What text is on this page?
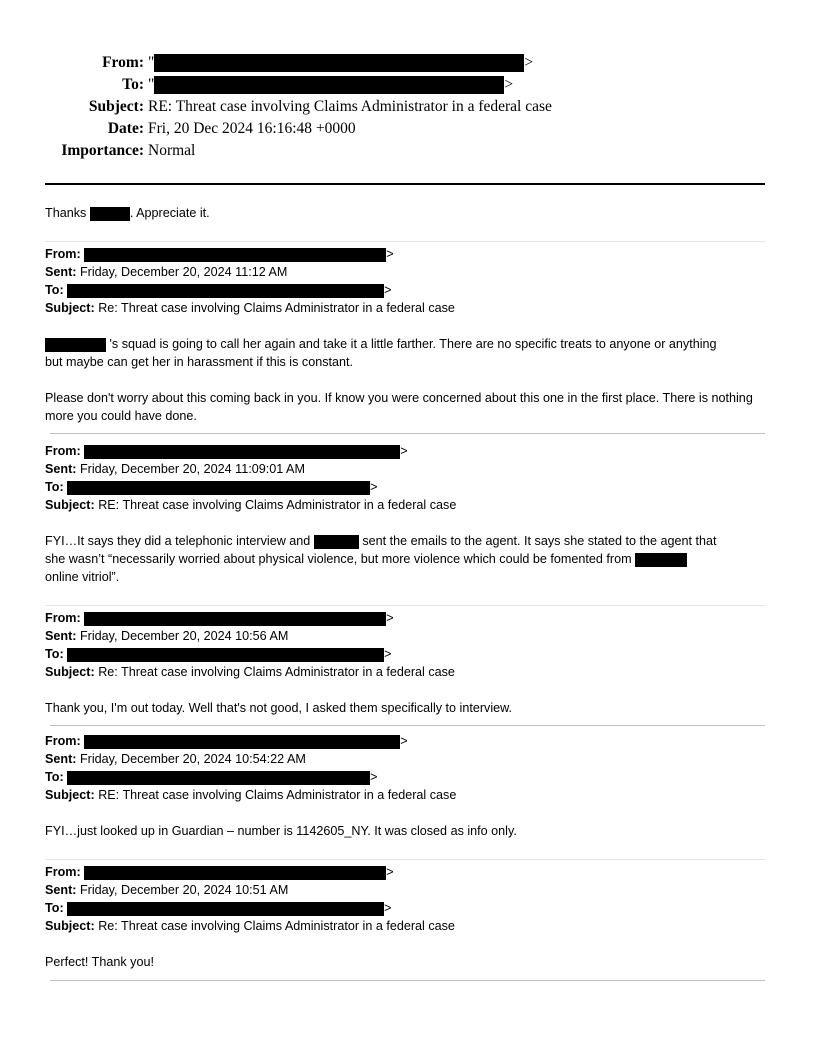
From: "	>
To: "	>
Subject: RE: Threat case involving Claims Administrator in a federal case
Date: Fri, 20 Dec 2024 16:16:48 +0000
Importance: Normal
Thanks	. Appreciate it.
From:	>
Sent: Friday, December 20, 2024 11:12 AM
To:	>
Subject: Re: Threat case involving Claims Administrator in a federal case
's squad is going to call her again and take it a little farther. There are no specific treats to anyone or anything
but maybe can get her in harassment if this is constant.
Please don't worry about this coming back in you. If know you were concerned about this one in the first place. There is nothing more you could have done.
From:	>
Sent: Friday, December 20, 2024 11:09:01 AM
To:	>
Subject: RE: Threat case involving Claims Administrator in a federal case
FYI…It says they did a telephonic interview and	sent the emails to the agent. It says she stated to the agent that
she wasn’t “necessarily worried about physical violence, but more violence which could be fomented from
online vitriol”.
From:	>
Sent: Friday, December 20, 2024 10:56 AM
To:	>
Subject: Re: Threat case involving Claims Administrator in a federal case
Thank you, I'm out today. Well that's not good, I asked them specifically to interview.
From:	>
Sent: Friday, December 20, 2024 10:54:22 AM
To:	>
Subject: RE: Threat case involving Claims Administrator in a federal case
FYI…just looked up in Guardian – number is 1142605_NY. It was closed as info only.
From:	>
Sent: Friday, December 20, 2024 10:51 AM
To:	>
Subject: Re: Threat case involving Claims Administrator in a federal case
Perfect! Thank you!
